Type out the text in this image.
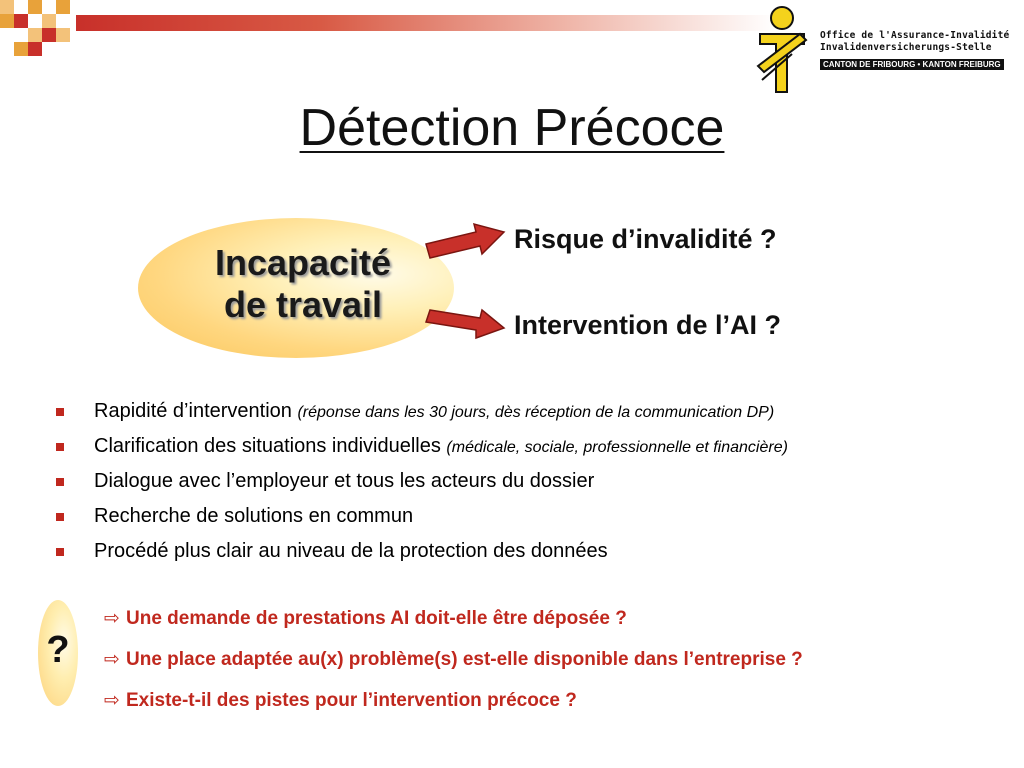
Office de l'Assurance-Invalidité
Invalidenversicherungs-Stelle
CANTON DE FRIBOURG • KANTON FREIBURG
Détection Précoce
Incapacité
de travail
Risque d’invalidité ?
Intervention de l’AI ?
Rapidité d’intervention (réponse dans les 30 jours, dès réception de la communication DP)
Clarification des situations individuelles (médicale, sociale, professionnelle et financière)
Dialogue avec l’employeur et tous les acteurs du dossier
Recherche de solutions en commun
Procédé plus clair au niveau de la protection des données
?
⇨ Une demande de prestations AI doit-elle être déposée ?
⇨ Une place adaptée au(x) problème(s) est-elle disponible dans l’entreprise ?
⇨ Existe-t-il des pistes pour l’intervention précoce ?
